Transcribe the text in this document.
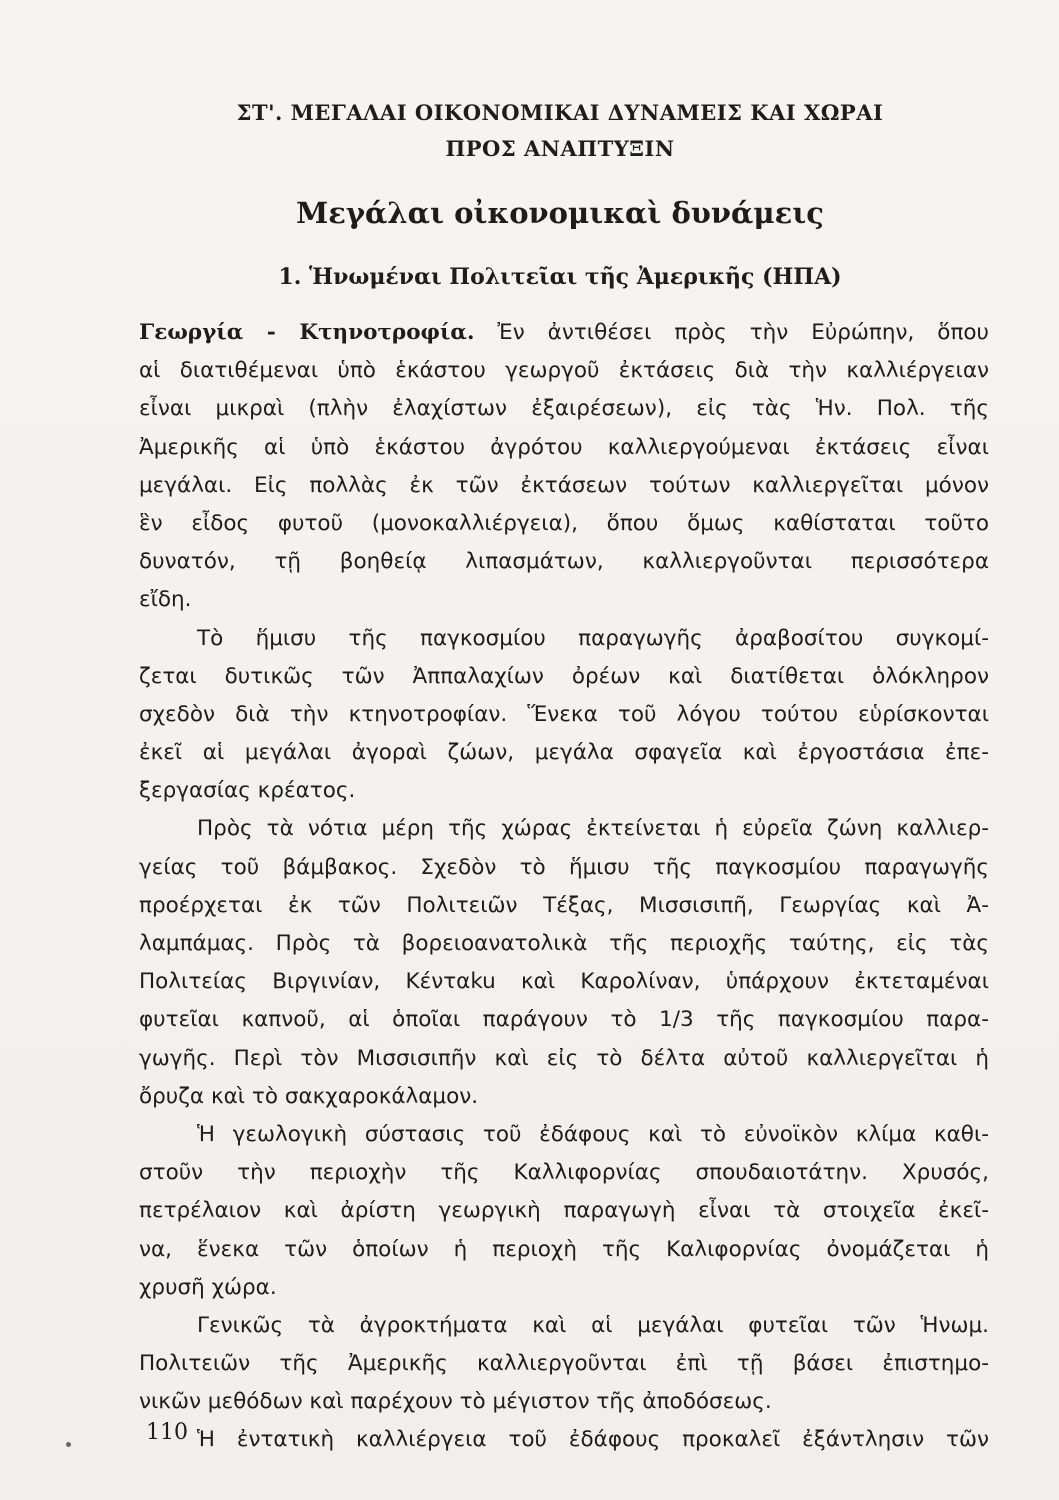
ΣΤ'. ΜΕΓΑΛΑΙ ΟΙΚΟΝΟΜΙΚΑΙ ΔΥΝΑΜΕΙΣ ΚΑΙ ΧΩΡΑΙ
ΠΡΟΣ ΑΝΑΠΤΥΞΙΝ
Μεγάλαι οἰκονομικαὶ δυνάμεις
1. Ἡνωμέναι Πολιτεῖαι τῆς Ἀμερικῆς (ΗΠΑ)
Γεωργία - Κτηνοτροφία. Ἐν ἀντιθέσει πρὸς τὴν Εὐρώπην, ὅπου
αἱ διατιθέμεναι ὑπὸ ἑκάστου γεωργοῦ ἐκτάσεις διὰ τὴν καλλιέργειαν
εἶναι μικραὶ (πλὴν ἐλαχίστων ἐξαιρέσεων), εἰς τὰς Ἡν. Πολ. τῆς
Ἀμερικῆς αἱ ὑπὸ ἑκάστου ἀγρότου καλλιεργούμεναι ἐκτάσεις εἶναι
μεγάλαι. Εἰς πολλὰς ἐκ τῶν ἐκτάσεων τούτων καλλιεργεῖται μόνον
ἓν εἶδος φυτοῦ (μονοκαλλιέργεια), ὅπου ὅμως καθίσταται τοῦτο
δυνατόν, τῇ βοηθείᾳ λιπασμάτων, καλλιεργοῦνται περισσότερα
εἴδη.
Τὸ ἥμισυ τῆς παγκοσμίου παραγωγῆς ἀραβοσίτου συγκομί-
ζεται δυτικῶς τῶν Ἀππαλαχίων ὀρέων καὶ διατίθεται ὁλόκληρον
σχεδὸν διὰ τὴν κτηνοτροφίαν. Ἕνεκα τοῦ λόγου τούτου εὑρίσκονται
ἐκεῖ αἱ μεγάλαι ἀγοραὶ ζώων, μεγάλα σφαγεῖα καὶ ἐργοστάσια ἐπε-
ξεργασίας κρέατος.
Πρὸς τὰ νότια μέρη τῆς χώρας ἐκτείνεται ἡ εὐρεῖα ζώνη καλλιερ-
γείας τοῦ βάμβακος. Σχεδὸν τὸ ἥμισυ τῆς παγκοσμίου παραγωγῆς
προέρχεται ἐκ τῶν Πολιτειῶν Τέξας, Μισσισιπῆ, Γεωργίας καὶ Ἀ-
λαμπάμας. Πρὸς τὰ βορειοανατολικὰ τῆς περιοχῆς ταύτης, εἰς τὰς
Πολιτείας Βιργινίαν, Κένταku καὶ Καρολίναν, ὑπάρχουν ἐκτεταμέναι
φυτεῖαι καπνοῦ, αἱ ὁποῖαι παράγουν τὸ 1/3 τῆς παγκοσμίου παρα-
γωγῆς. Περὶ τὸν Μισσισιπῆν καὶ εἰς τὸ δέλτα αὐτοῦ καλλιεργεῖται ἡ
ὄρυζα καὶ τὸ σακχαροκάλαμον.
Ἡ γεωλογικὴ σύστασις τοῦ ἐδάφους καὶ τὸ εὐνοϊκὸν κλίμα καθι-
στοῦν τὴν περιοχὴν τῆς Καλλιφορνίας σπουδαιοτάτην. Χρυσός,
πετρέλαιον καὶ ἀρίστη γεωργικὴ παραγωγὴ εἶναι τὰ στοιχεῖα ἐκεῖ-
να, ἕνεκα τῶν ὁποίων ἡ περιοχὴ τῆς Καλιφορνίας ὀνομάζεται ἡ
χρυσῆ χώρα.
Γενικῶς τὰ ἀγροκτήματα καὶ αἱ μεγάλαι φυτεῖαι τῶν Ἡνωμ.
Πολιτειῶν τῆς Ἀμερικῆς καλλιεργοῦνται ἐπὶ τῇ βάσει ἐπιστημο-
νικῶν μεθόδων καὶ παρέχουν τὸ μέγιστον τῆς ἀποδόσεως.
Ἡ ἐντατικὴ καλλιέργεια τοῦ ἐδάφους προκαλεῖ ἐξάντλησιν τῶν
110
